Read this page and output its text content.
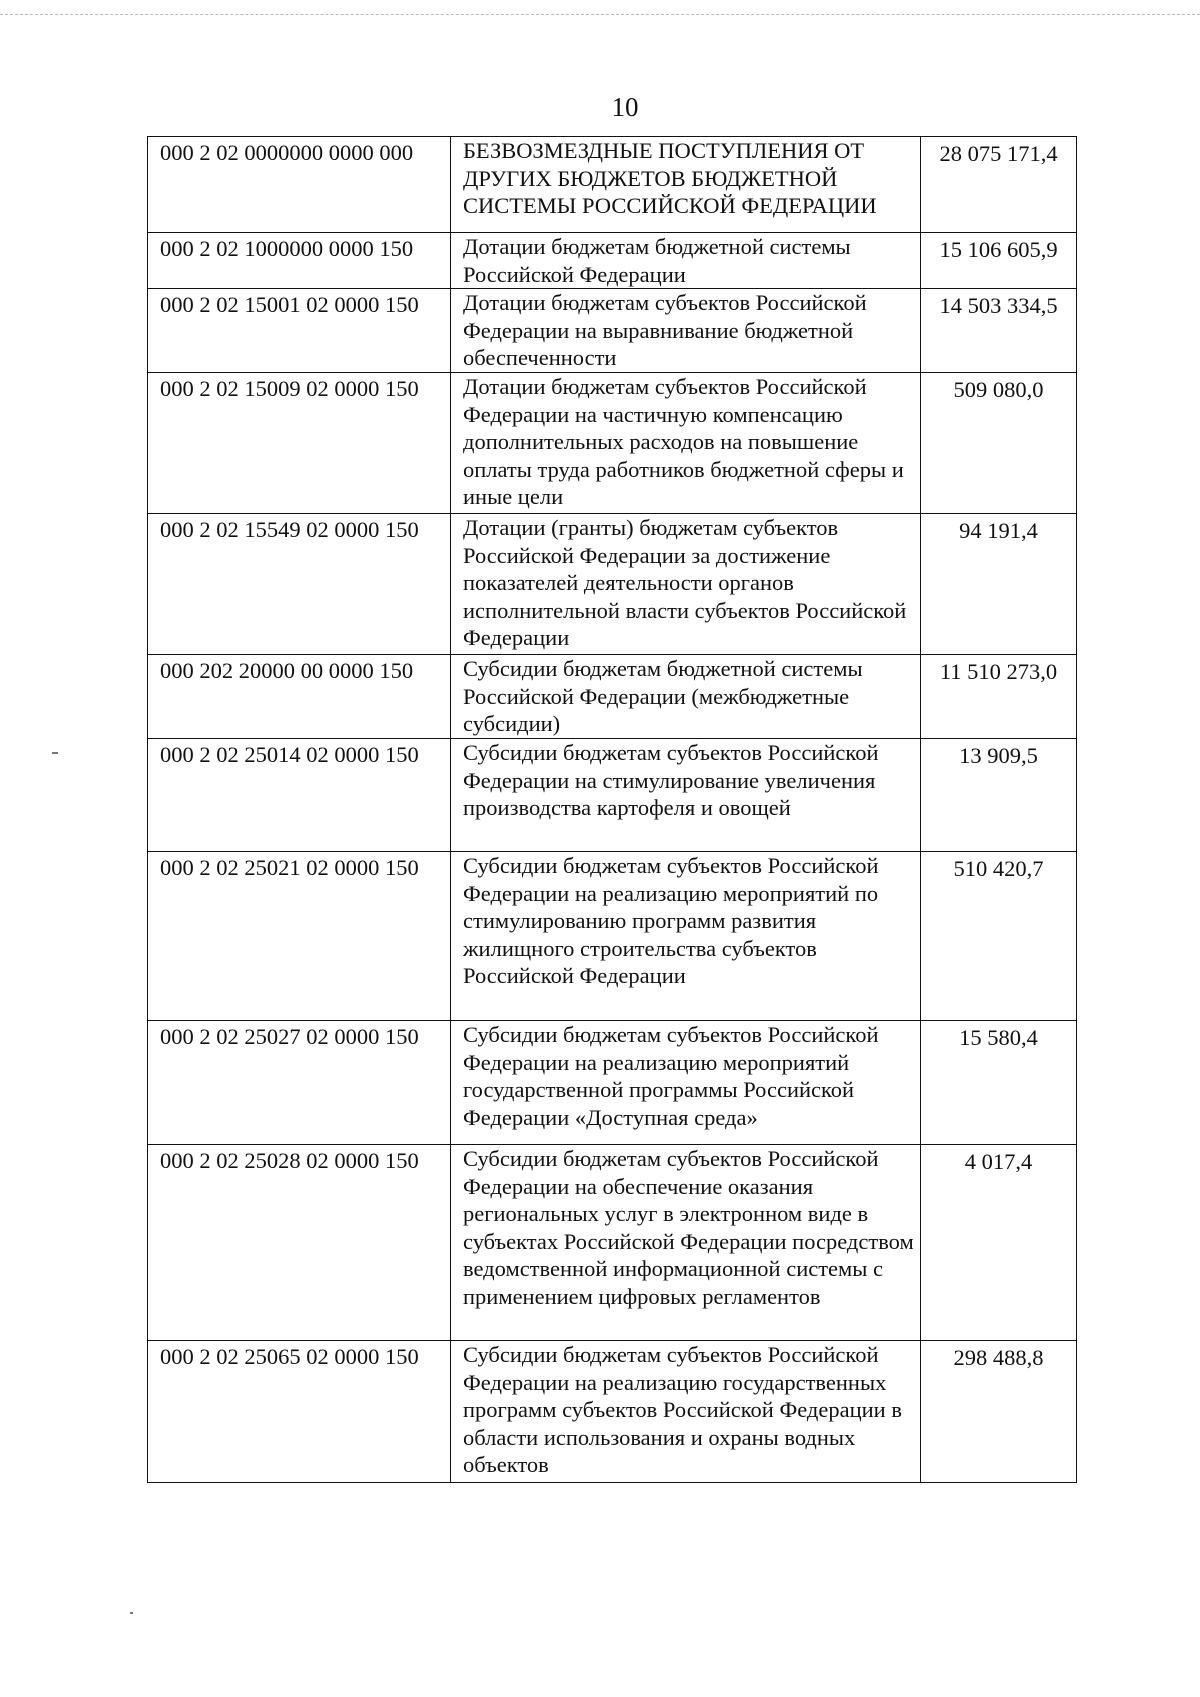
10
000 2 02 0000000 0000 000	БЕЗВОЗМЕЗДНЫЕ ПОСТУПЛЕНИЯ ОТ ДРУГИХ БЮДЖЕТОВ БЮДЖЕТНОЙ СИСТЕМЫ РОССИЙСКОЙ ФЕДЕРАЦИИ	28 075 171,4
000 2 02 1000000 0000 150	Дотации бюджетам бюджетной системы Российской Федерации	15 106 605,9
000 2 02 15001 02 0000 150	Дотации бюджетам субъектов Российской Федерации на выравнивание бюджетной обеспеченности	14 503 334,5
000 2 02 15009 02 0000 150	Дотации бюджетам субъектов Российской Федерации на частичную компенсацию дополнительных расходов на повышение оплаты труда работников бюджетной сферы и иные цели	509 080,0
000 2 02 15549 02 0000 150	Дотации (гранты) бюджетам субъектов Российской Федерации за достижение показателей деятельности органов исполнительной власти субъектов Российской Федерации	94 191,4
000 202 20000 00 0000 150	Субсидии бюджетам бюджетной системы Российской Федерации (межбюджетные субсидии)	11 510 273,0
000 2 02 25014 02 0000 150	Субсидии бюджетам субъектов Российской Федерации на стимулирование увеличения производства картофеля и овощей	13 909,5
000 2 02 25021 02 0000 150	Субсидии бюджетам субъектов Российской Федерации на реализацию мероприятий по стимулированию программ развития жилищного строительства субъектов Российской Федерации	510 420,7
000 2 02 25027 02 0000 150	Субсидии бюджетам субъектов Российской Федерации на реализацию мероприятий государственной программы Российской Федерации «Доступная среда»	15 580,4
000 2 02 25028 02 0000 150	Субсидии бюджетам субъектов Российской Федерации на обеспечение оказания региональных услуг в электронном виде в субъектах Российской Федерации посредством ведомственной информационной системы с применением цифровых регламентов	4 017,4
000 2 02 25065 02 0000 150	Субсидии бюджетам субъектов Российской Федерации на реализацию государственных программ субъектов Российской Федерации в области использования и охраны водных объектов	298 488,8
